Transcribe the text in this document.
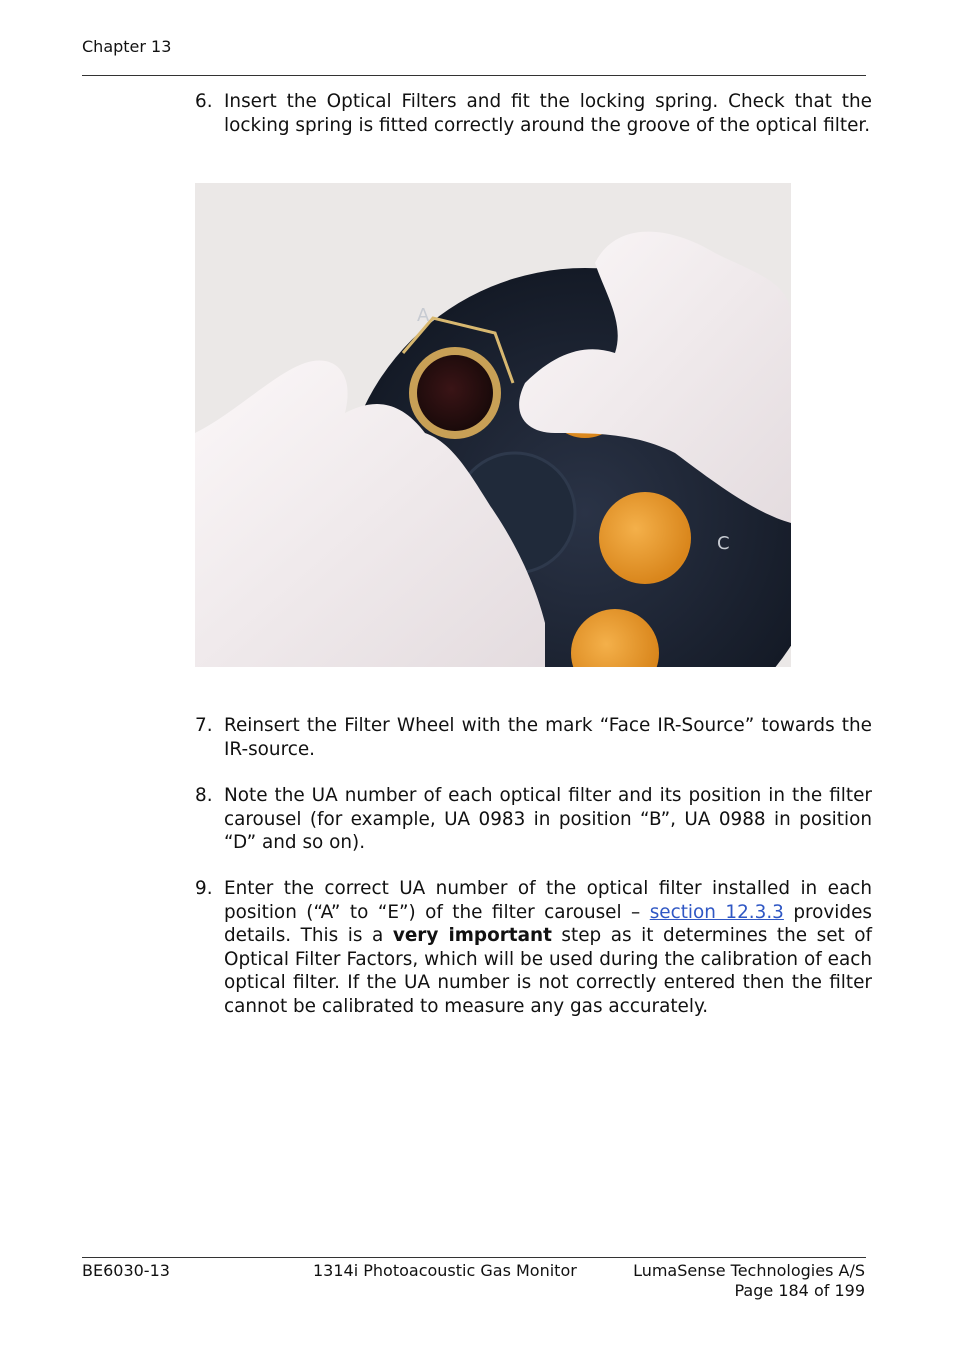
Chapter 13
6. Insert the Optical Filters and fit the locking spring. Check that the locking spring is fitted correctly around the groove of the optical filter.
A
C
7. Reinsert the Filter Wheel with the mark “Face IR-Source” towards the IR-source.
8. Note the UA number of each optical filter and its position in the filter carousel (for example, UA 0983 in position “B”, UA 0988 in position “D” and so on).
9. Enter the correct UA number of the optical filter installed in each position (“A” to “E”) of the filter carousel – section 12.3.3 provides details. This is a very important step as it determines the set of Optical Filter Factors, which will be used during the calibration of each optical filter. If the UA number is not correctly entered then the filter cannot be calibrated to measure any gas accurately.
BE6030-13	1314i Photoacoustic Gas Monitor	LumaSense Technologies A/S
Page 184 of 199
